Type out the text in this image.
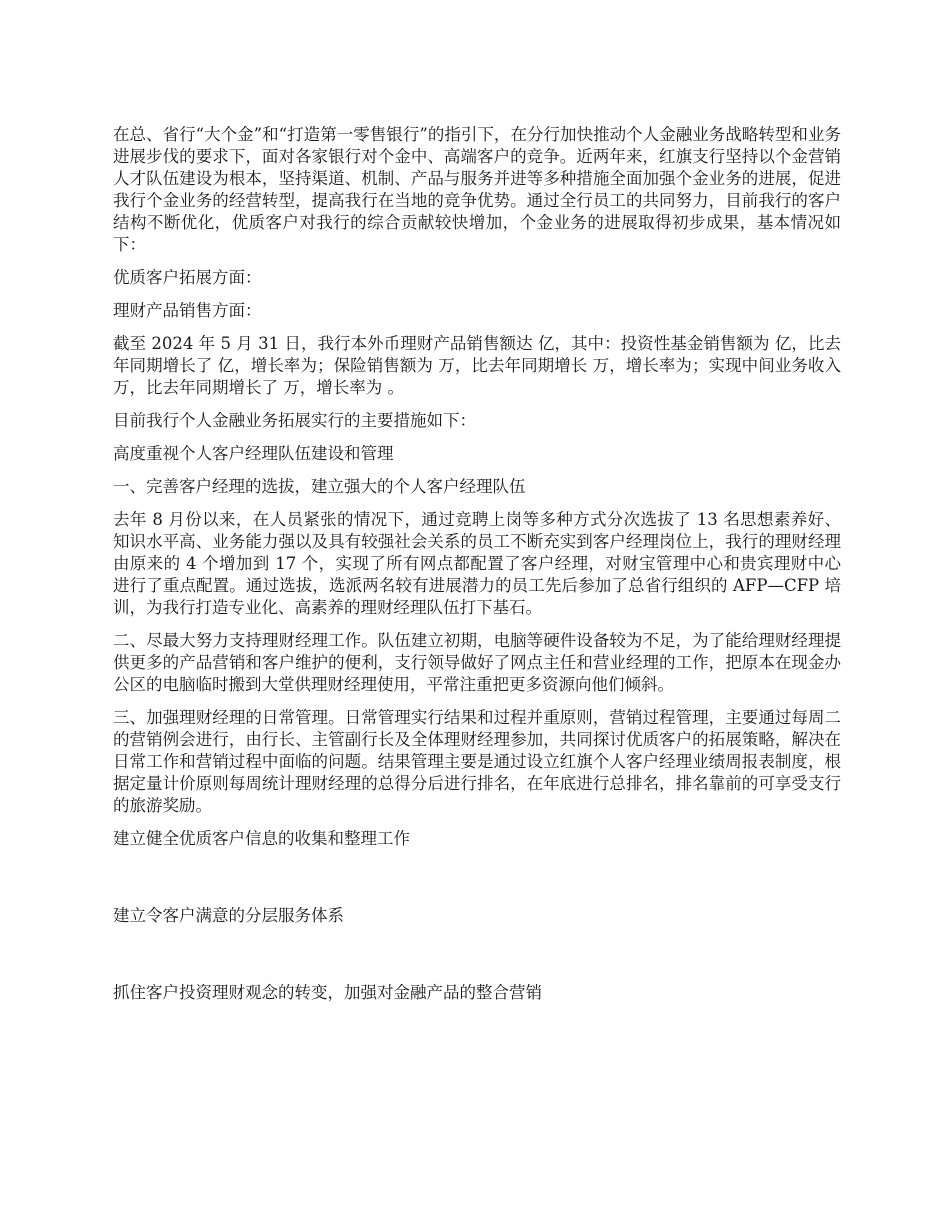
在总、省行“大个金”和“打造第一零售银行”的指引下，在分行加快推动个人金融业务战略转型和业务进展步伐的要求下，面对各家银行对个金中、高端客户的竞争。近两年来，红旗支行坚持以个金营销人才队伍建设为根本，坚持渠道、机制、产品与服务并进等多种措施全面加强个金业务的进展，促进我行个金业务的经营转型，提高我行在当地的竞争优势。通过全行员工的共同努力，目前我行的客户结构不断优化，优质客户对我行的综合贡献较快增加，个金业务的进展取得初步成果，基本情况如下：

优质客户拓展方面：

理财产品销售方面：

截至 2024 年 5 月 31 日，我行本外币理财产品销售额达 亿，其中：投资性基金销售额为 亿，比去年同期增长了 亿，增长率为；保险销售额为 万，比去年同期增长 万，增长率为；实现中间业务收入 万，比去年同期增长了 万，增长率为 。

目前我行个人金融业务拓展实行的主要措施如下：

高度重视个人客户经理队伍建设和管理

一、完善客户经理的选拔，建立强大的个人客户经理队伍

去年 8 月份以来，在人员紧张的情况下，通过竞聘上岗等多种方式分次选拔了 13 名思想素养好、知识水平高、业务能力强以及具有较强社会关系的员工不断充实到客户经理岗位上，我行的理财经理由原来的 4 个增加到 17 个，实现了所有网点都配置了客户经理，对财宝管理中心和贵宾理财中心进行了重点配置。通过选拔，选派两名较有进展潜力的员工先后参加了总省行组织的 AFP—CFP 培训，为我行打造专业化、高素养的理财经理队伍打下基石。

二、尽最大努力支持理财经理工作。队伍建立初期，电脑等硬件设备较为不足，为了能给理财经理提供更多的产品营销和客户维护的便利，支行领导做好了网点主任和营业经理的工作，把原本在现金办公区的电脑临时搬到大堂供理财经理使用，平常注重把更多资源向他们倾斜。

三、加强理财经理的日常管理。日常管理实行结果和过程并重原则，营销过程管理，主要通过每周二的营销例会进行，由行长、主管副行长及全体理财经理参加，共同探讨优质客户的拓展策略，解决在日常工作和营销过程中面临的问题。结果管理主要是通过设立红旗个人客户经理业绩周报表制度，根据定量计价原则每周统计理财经理的总得分后进行排名，在年底进行总排名，排名靠前的可享受支行的旅游奖励。

建立健全优质客户信息的收集和整理工作

建立令客户满意的分层服务体系

抓住客户投资理财观念的转变，加强对金融产品的整合营销
